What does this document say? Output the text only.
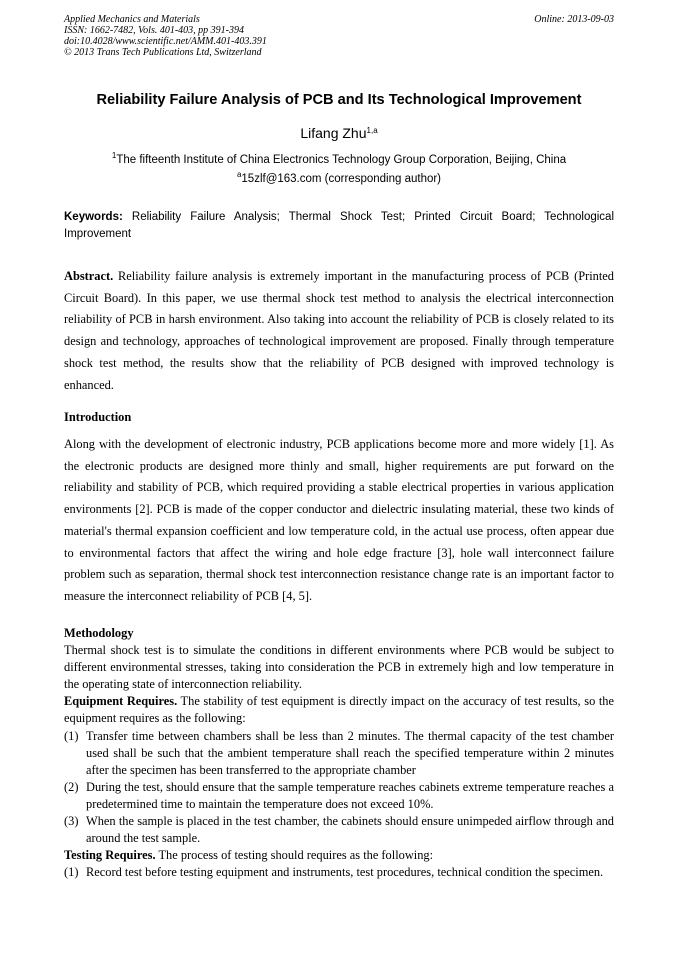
Applied Mechanics and Materials
ISSN: 1662-7482, Vols. 401-403, pp 391-394
doi:10.4028/www.scientific.net/AMM.401-403.391
© 2013 Trans Tech Publications Ltd, Switzerland
Online: 2013-09-03
Reliability Failure Analysis of PCB and Its Technological Improvement
Lifang Zhu$^{1,a}$
$^1$The fifteenth Institute of China Electronics Technology Group Corporation, Beijing, China
$^a$15zlf@163.com (corresponding author)
Keywords: Reliability Failure Analysis; Thermal Shock Test; Printed Circuit Board; Technological Improvement
Abstract. Reliability failure analysis is extremely important in the manufacturing process of PCB (Printed Circuit Board). In this paper, we use thermal shock test method to analysis the electrical interconnection reliability of PCB in harsh environment. Also taking into account the reliability of PCB is closely related to its design and technology, approaches of technological improvement are proposed. Finally through temperature shock test method, the results show that the reliability of PCB designed with improved technology is enhanced.
Introduction
Along with the development of electronic industry, PCB applications become more and more widely [1]. As the electronic products are designed more thinly and small, higher requirements are put forward on the reliability and stability of PCB, which required providing a stable electrical properties in various application environments [2]. PCB is made of the copper conductor and dielectric insulating material, these two kinds of material's thermal expansion coefficient and low temperature cold, in the actual use process, often appear due to environmental factors that affect the wiring and hole edge fracture [3], hole wall interconnect failure problem such as separation, thermal shock test interconnection resistance change rate is an important factor to measure the interconnect reliability of PCB [4, 5].

Methodology

Thermal shock test is to simulate the conditions in different environments where PCB would be subject to different environmental stresses, taking into consideration the PCB in extremely high and low temperature in the operating state of interconnection reliability.

Equipment Requires. The stability of test equipment is directly impact on the accuracy of test results, so the equipment requires as the following:

(1) Transfer time between chambers shall be less than 2 minutes. The thermal capacity of the test chamber used shall be such that the ambient temperature shall reach the specified temperature within 2 minutes after the specimen has been transferred to the appropriate chamber
(2) During the test, should ensure that the sample temperature reaches cabinets extreme temperature reaches a predetermined time to maintain the temperature does not exceed 10%.
(3) When the sample is placed in the test chamber, the cabinets should ensure unimpeded airflow through and around the test sample.

Testing Requires. The process of testing should requires as the following:

(1) Record test before testing equipment and instruments, test procedures, technical condition the specimen.
